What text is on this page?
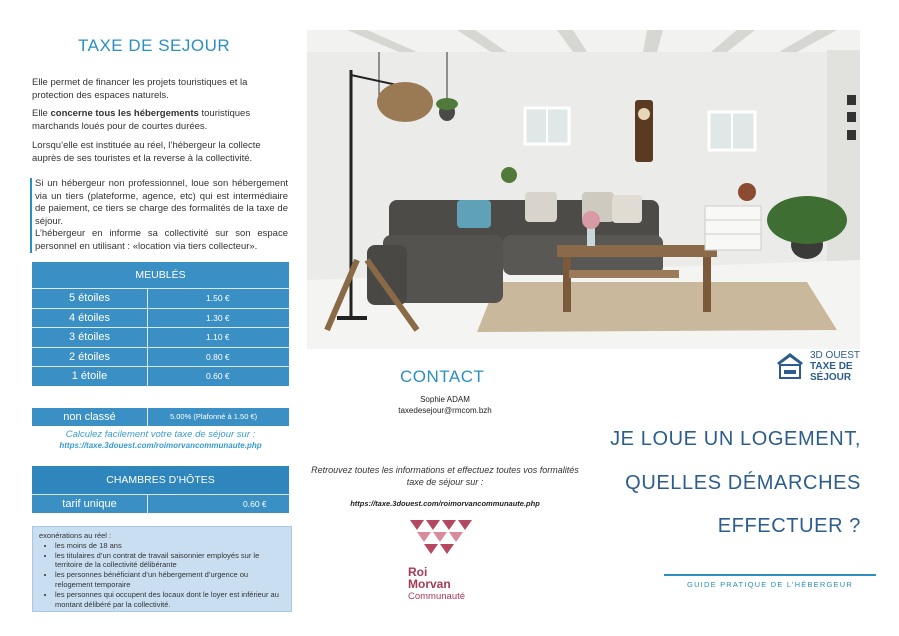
TAXE DE SEJOUR
Elle permet de financer les projets touristiques et la protection des espaces naturels.
Elle concerne tous les hébergements touristiques marchands loués pour de courtes durées.
Lorsqu’elle est instituée au réel, l’hébergeur la collecte auprès de ses touristes et la reverse à la collectivité.
Si un hébergeur non professionnel, loue son hébergement via un tiers (plateforme, agence, etc) qui est intermédiaire de paiement, ce tiers se charge des formalités de la taxe de séjour.
L’hébergeur en informe sa collectivité sur son espace personnel en utilisant : «location via tiers collecteur».
MEUBLÉS
5 étoiles	1.50 €
4 étoiles	1.30 €
3 étoiles	1.10 €
2 étoiles	0.80 €
1 étoile	0.60 €
non classé	5.00% (Plafonné à 1.50 €)
Calculez facilement votre taxe de séjour sur :
https://taxe.3douest.com/roimorvancommunaute.php
CHAMBRES D’HÔTES
tarif unique	0.60 €
exonérations au réel :
• les moins de 18 ans
• les titulaires d’un contrat de travail saisonnier employés sur le territoire de la collectivité délibérante
• les personnes bénéficiant d’un hébergement d’urgence ou relogement temporaire
• les personnes qui occupent des locaux dont le loyer est inférieur au montant délibéré par la collectivité.
CONTACT
Sophie ADAM
taxedesejour@rmcom.bzh
Retrouvez toutes les informations et effectuez toutes vos formalités taxe de séjour sur :
https://taxe.3douest.com/roimorvancommunaute.php
Roi
Morvan
Communauté
3D OUEST
TAXE DE
SÉJOUR
JE LOUE UN LOGEMENT,
QUELLES DÉMARCHES
EFFECTUER ?
GUIDE PRATIQUE DE L’HÉBERGEUR
